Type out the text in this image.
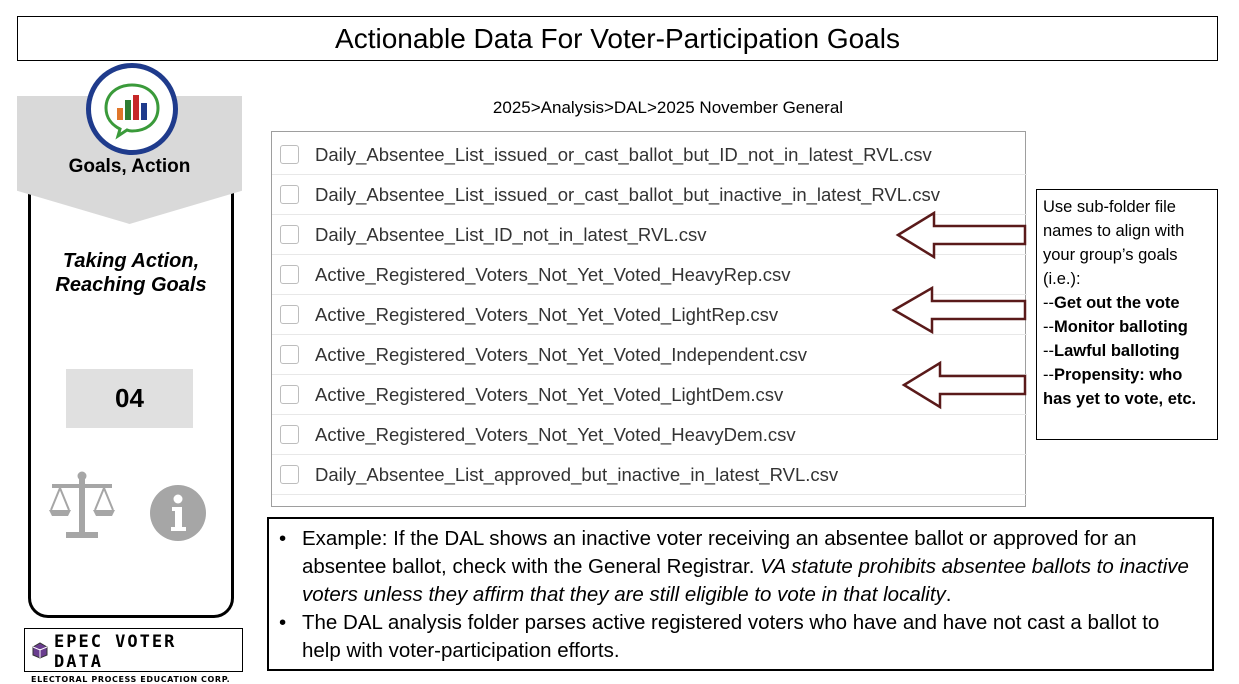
Actionable Data For Voter-Participation Goals
Goals, Action
Taking Action,
Reaching Goals
04
EPEC VOTER DATA
ELECTORAL PROCESS EDUCATION CORP.
2025>Analysis>DAL>2025 November General
Daily_Absentee_List_issued_or_cast_ballot_but_ID_not_in_latest_RVL.csv
Daily_Absentee_List_issued_or_cast_ballot_but_inactive_in_latest_RVL.csv
Daily_Absentee_List_ID_not_in_latest_RVL.csv
Active_Registered_Voters_Not_Yet_Voted_HeavyRep.csv
Active_Registered_Voters_Not_Yet_Voted_LightRep.csv
Active_Registered_Voters_Not_Yet_Voted_Independent.csv
Active_Registered_Voters_Not_Yet_Voted_LightDem.csv
Active_Registered_Voters_Not_Yet_Voted_HeavyDem.csv
Daily_Absentee_List_approved_but_inactive_in_latest_RVL.csv
Use sub-folder file
names to align with
your group’s goals
(i.e.):
--Get out the vote
--Monitor balloting
--Lawful balloting
--Propensity: who
has yet to vote, etc.
• Example: If the DAL shows an inactive voter receiving an absentee ballot or approved for an absentee ballot, check with the General Registrar. VA statute prohibits absentee ballots to inactive voters unless they affirm that they are still eligible to vote in that locality.
• The DAL analysis folder parses active registered voters who have and have not cast a ballot to help with voter-participation efforts.
